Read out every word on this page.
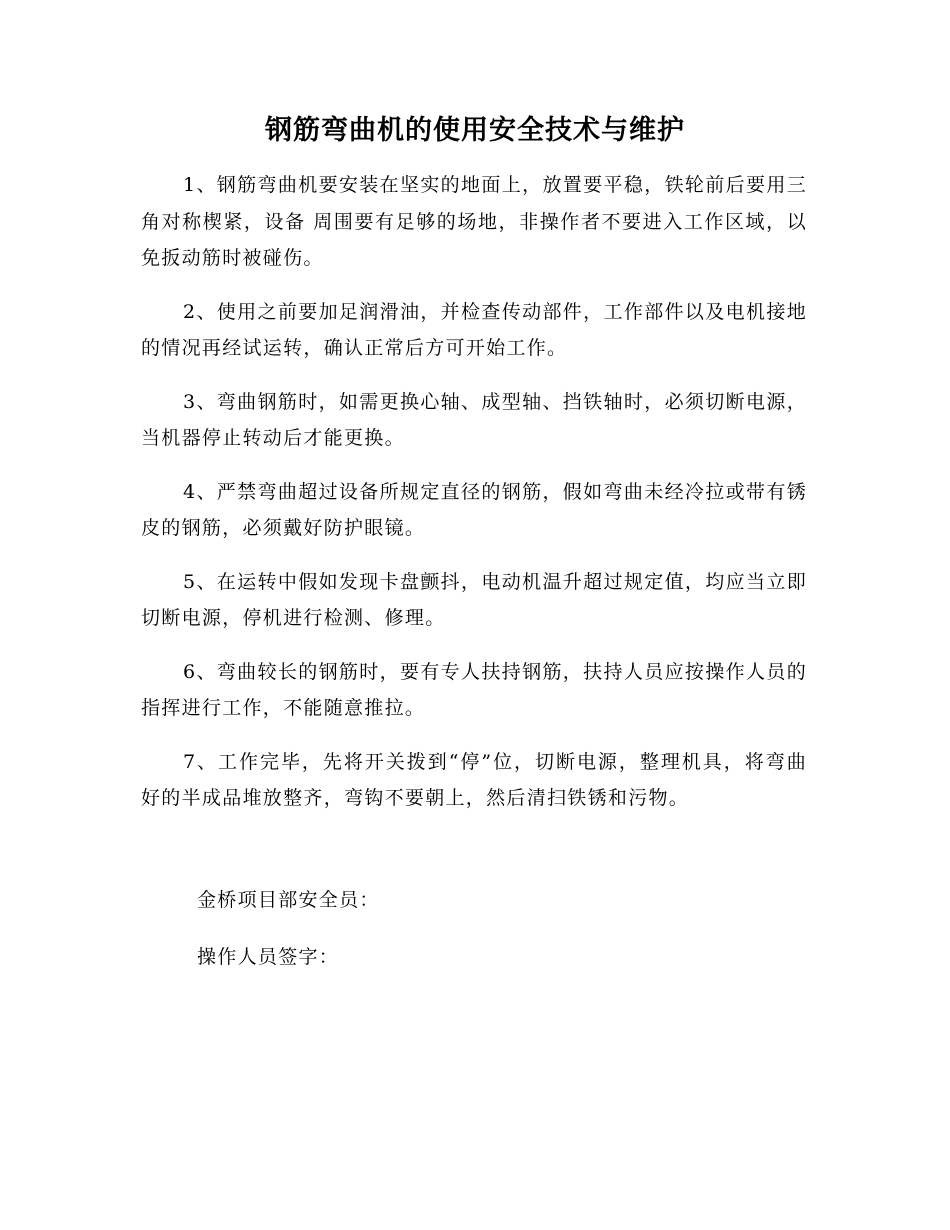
钢筋弯曲机的使用安全技术与维护

1、钢筋弯曲机要安装在坚实的地面上，放置要平稳，铁轮前后要用三角对称楔紧，设备 周围要有足够的场地，非操作者不要进入工作区域，以免扳动筋时被碰伤。

2、使用之前要加足润滑油，并检查传动部件，工作部件以及电机接地的情况再经试运转，确认正常后方可开始工作。

3、弯曲钢筋时，如需更换心轴、成型轴、挡铁轴时，必须切断电源，当机器停止转动后才能更换。

4、严禁弯曲超过设备所规定直径的钢筋，假如弯曲未经冷拉或带有锈皮的钢筋，必须戴好防护眼镜。

5、在运转中假如发现卡盘颤抖，电动机温升超过规定值，均应当立即切断电源，停机进行检测、修理。

6、弯曲较长的钢筋时，要有专人扶持钢筋，扶持人员应按操作人员的指挥进行工作，不能随意推拉。

7、工作完毕，先将开关拨到“停”位，切断电源，整理机具，将弯曲好的半成品堆放整齐，弯钩不要朝上，然后清扫铁锈和污物。

金桥项目部安全员：
操作人员签字：
